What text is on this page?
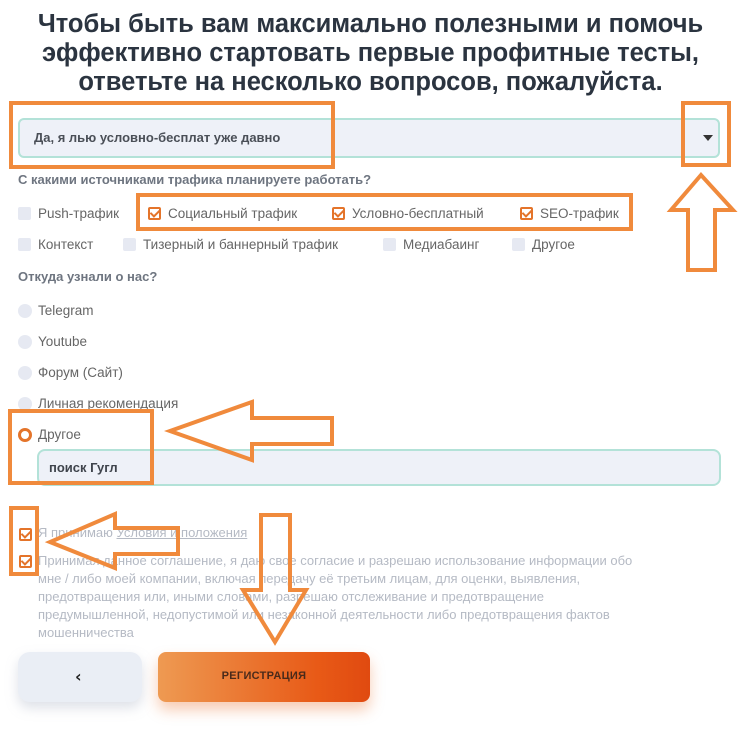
Чтобы быть вам максимально полезными и помочь
эффективно стартовать первые профитные тесты,
ответьте на несколько вопросов, пожалуйста.
Да, я лью условно-бесплат уже давно
С какими источниками трафика планируете работать?
Push-трафик	Социальный трафик	Условно-бесплатный	SEO-трафик
Контекст	Тизерный и баннерный трафик	Медиабаинг	Другое
Откуда узнали о нас?
Telegram
Youtube
Форум (Сайт)
Личная рекомендация
Другое
поиск Гугл
Я принимаю Условия и положения
Принимая данное соглашение, я даю свое согласие и разрешаю использование информации обо мне / либо моей компании, включая передачу её третьим лицам, для оценки, выявления, предотвращения или, иными словами, разрешаю отслеживание и предотвращение предумышленной, недопустимой или незаконной деятельности либо предотвращения фактов мошенничества
‹	РЕГИСТРАЦИЯ
